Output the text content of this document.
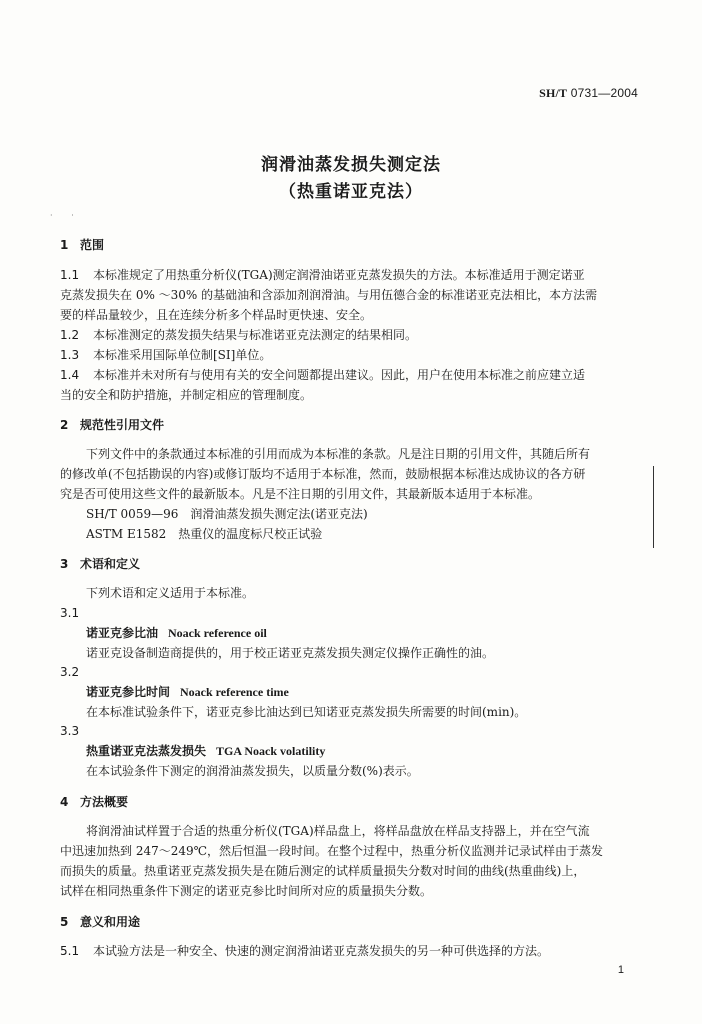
SH/T 0731—2004
润滑油蒸发损失测定法
（热重诺亚克法）
· ·
1 范围
1.1 本标准规定了用热重分析仪(TGA)测定润滑油诺亚克蒸发损失的方法。本标准适用于测定诺亚
克蒸发损失在 0% ～30% 的基础油和含添加剂润滑油。与用伍德合金的标准诺亚克法相比，本方法需
要的样品量较少，且在连续分析多个样品时更快速、安全。
1.2 本标准测定的蒸发损失结果与标准诺亚克法测定的结果相同。
1.3 本标准采用国际单位制[SI]单位。
1.4 本标准并未对所有与使用有关的安全问题都提出建议。因此，用户在使用本标准之前应建立适
当的安全和防护措施，并制定相应的管理制度。
2 规范性引用文件
下列文件中的条款通过本标准的引用而成为本标准的条款。凡是注日期的引用文件，其随后所有
的修改单(不包括勘误的内容)或修订版均不适用于本标准，然而，鼓励根据本标准达成协议的各方研
究是否可使用这些文件的最新版本。凡是不注日期的引用文件，其最新版本适用于本标准。
SH/T 0059—96　润滑油蒸发损失测定法(诺亚克法)
ASTM E1582　热重仪的温度标尺校正试验
3 术语和定义
下列术语和定义适用于本标准。
3.1
诺亚克参比油 Noack reference oil
诺亚克设备制造商提供的，用于校正诺亚克蒸发损失测定仪操作正确性的油。
3.2
诺亚克参比时间 Noack reference time
在本标准试验条件下，诺亚克参比油达到已知诺亚克蒸发损失所需要的时间(min)。
3.3
热重诺亚克法蒸发损失 TGA Noack volatility
在本试验条件下测定的润滑油蒸发损失，以质量分数(%)表示。
4 方法概要
将润滑油试样置于合适的热重分析仪(TGA)样品盘上，将样品盘放在样品支持器上，并在空气流
中迅速加热到 247～249℃，然后恒温一段时间。在整个过程中，热重分析仪监测并记录试样由于蒸发
而损失的质量。热重诺亚克蒸发损失是在随后测定的试样质量损失分数对时间的曲线(热重曲线)上，
试样在相同热重条件下测定的诺亚克参比时间所对应的质量损失分数。
5 意义和用途
5.1 本试验方法是一种安全、快速的测定润滑油诺亚克蒸发损失的另一种可供选择的方法。
1
